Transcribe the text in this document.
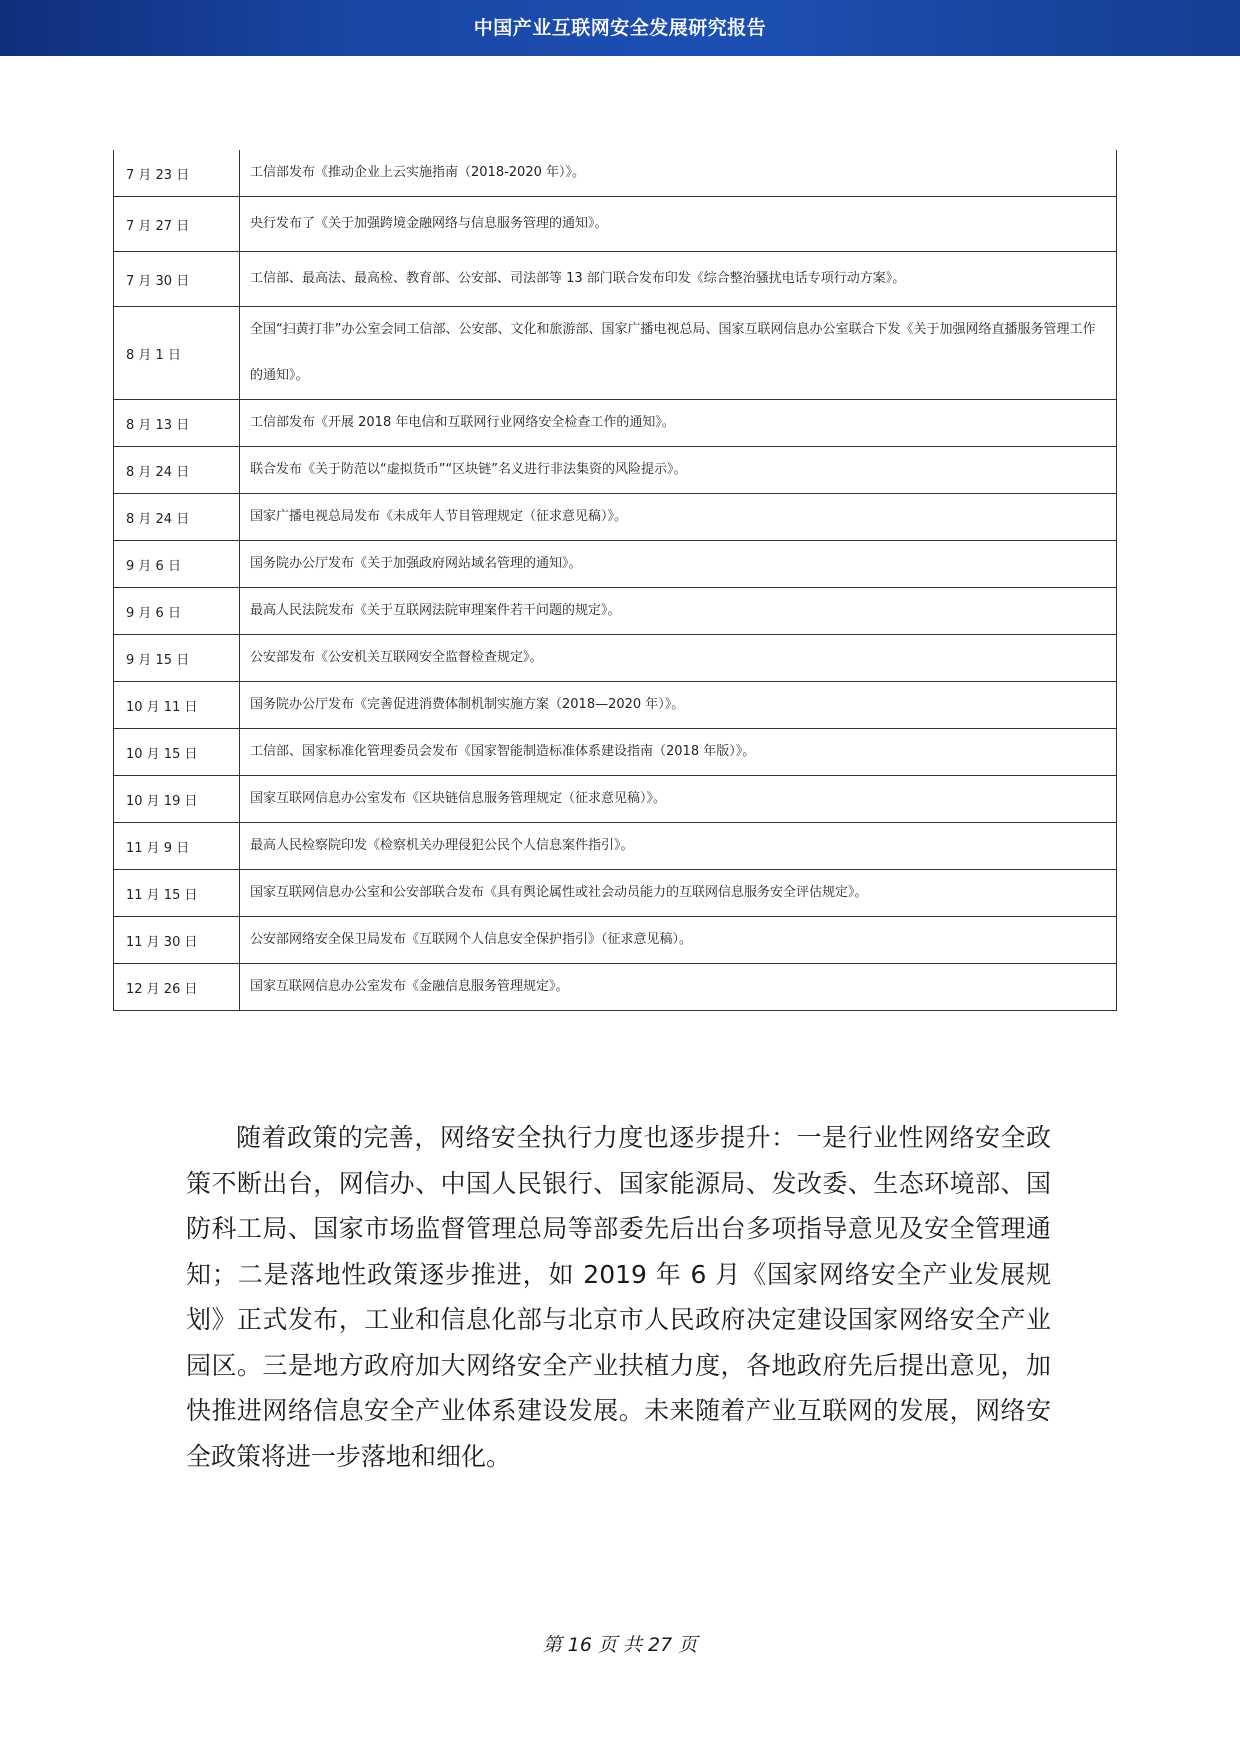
中国产业互联网安全发展研究报告
7 月 23 日	工信部发布《推动企业上云实施指南（2018-2020 年）》。
7 月 27 日	央行发布了《关于加强跨境金融网络与信息服务管理的通知》。
7 月 30 日	工信部、最高法、最高检、教育部、公安部、司法部等 13 部门联合发布印发《综合整治骚扰电话专项行动方案》。
8 月 1 日	全国“扫黄打非”办公室会同工信部、公安部、文化和旅游部、国家广播电视总局、国家互联网信息办公室联合下发《关于加强网络直播服务管理工作的通知》。
8 月 13 日	工信部发布《开展 2018 年电信和互联网行业网络安全检查工作的通知》。
8 月 24 日	联合发布《关于防范以“虚拟货币”“区块链”名义进行非法集资的风险提示》。
8 月 24 日	国家广播电视总局发布《未成年人节目管理规定（征求意见稿）》。
9 月 6 日	国务院办公厅发布《关于加强政府网站域名管理的通知》。
9 月 6 日	最高人民法院发布《关于互联网法院审理案件若干问题的规定》。
9 月 15 日	公安部发布《公安机关互联网安全监督检查规定》。
10 月 11 日	国务院办公厅发布《完善促进消费体制机制实施方案（2018—2020 年）》。
10 月 15 日	工信部、国家标准化管理委员会发布《国家智能制造标准体系建设指南（2018 年版）》。
10 月 19 日	国家互联网信息办公室发布《区块链信息服务管理规定（征求意见稿）》。
11 月 9 日	最高人民检察院印发《检察机关办理侵犯公民个人信息案件指引》。
11 月 15 日	国家互联网信息办公室和公安部联合发布《具有舆论属性或社会动员能力的互联网信息服务安全评估规定》。
11 月 30 日	公安部网络安全保卫局发布《互联网个人信息安全保护指引》（征求意见稿）。
12 月 26 日	国家互联网信息办公室发布《金融信息服务管理规定》。
随着政策的完善，网络安全执行力度也逐步提升：一是行业性网络安全政策不断出台，网信办、中国人民银行、国家能源局、发改委、生态环境部、国防科工局、国家市场监督管理总局等部委先后出台多项指导意见及安全管理通知；二是落地性政策逐步推进，如 2019 年 6 月《国家网络安全产业发展规划》正式发布，工业和信息化部与北京市人民政府决定建设国家网络安全产业园区。三是地方政府加大网络安全产业扶植力度，各地政府先后提出意见，加快推进网络信息安全产业体系建设发展。未来随着产业互联网的发展，网络安全政策将进一步落地和细化。
第 16 页 共 27 页
